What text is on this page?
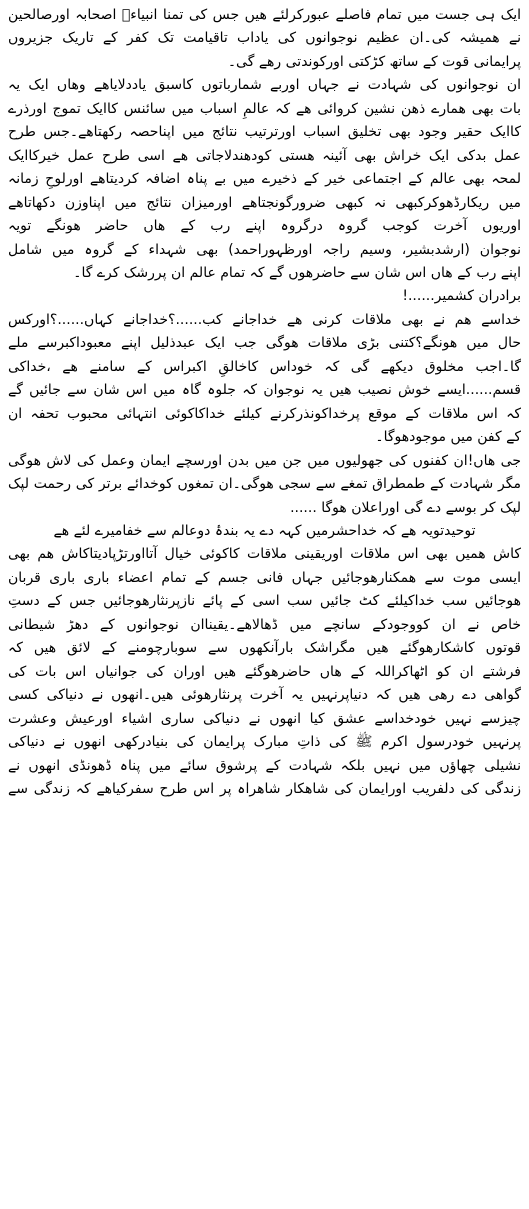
ایک ہی جست میں تمام فاصلے عبورکرلئے ھیں جس کی تمنا انبیاءؑ اصحابہ اورصالحین
نے ھمیشہ کی۔ان عظیم نوجوانوں کی یاداب تاقیامت تک کفر کے تاریک جزیروں
پرایمانی قوت کے ساتھ کڑکتی اورکوندتی رھے گی۔
ان نوجوانوں کی شہادت نے جہاں اوربے شمارباتوں کاسبق یاددلایاھے وھاں ایک یہ
بات بھی ھمارے ذھن نشین کروائی ھے کہ عالمِ اسباب میں سائنس کاایک تموج اورذرے
کاایک حقیر وجود بھی تخلیق اسباب اورترتیب نتائج میں اپناحصہ رکھتاھے۔جس طرح
عمل بدکی ایک خراش بھی آئینہ ھستی کودھندلاجاتی ھے اسی طرح عمل خیرکاایک
لمحہ بھی عالم کے اجتماعی خیر کے ذخیرے میں بے پناہ اضافہ کردیتاھے اورلوحِ زمانہ
میں ریکارڈھوکرکبھی نہ کبھی ضرورگونجتاھے اورمیزان نتائج میں اپناوزن دکھاتاھے
اوریوں آخرت کوجب گروہ درگروہ اپنے رب کے ھاں حاضر ھونگے تویہ
نوجوان (ارشدبشیر، وسیم راجہ اورظہوراحمد) بھی شہداء کے گروہ میں شامل
اپنے رب کے ھاں اس شان سے حاضرھوں گے کہ تمام عالم ان پررشک کرے گا۔
برادران کشمیر......!
خداسے ھم نے بھی ملاقات کرنی ھے خداجانے کب......؟خداجانے کہاں......؟اورکس
حال میں ھونگے؟کتنی بڑی ملاقات ھوگی جب ایک عبدذلیل اپنے معبوداکبرسے ملے
گا۔اجب مخلوق دیکھے گی کہ خوداس کاخالقِ اکبراس کے سامنے ھے ،خداکی
قسم......ایسے خوش نصیب ھیں یہ نوجوان کہ جلوہ گاہ میں اس شان سے جائیں گے
کہ اس ملاقات کے موقع پرخداکونذرکرنے کیلئے خداکاکوئی انتہائی محبوب تحفہ ان
کے کفن میں موجودھوگا۔
جی ھاں!ان کفنوں کی جھولیوں میں جن میں بدن اورسچے ایمان وعمل کی لاش ھوگی
مگر شہادت کے طمطراق تمغے سے سجی ھوگی۔ان تمغوں کوخدائے برتر کی رحمت لپک
لپک کر بوسے دے گی اوراعلان ھوگا ......
توحیدتویہ ھے کہ خداحشرمیں کہہ دے یہ بندۂ دوعالم سے خفامیرے لئے ھے
کاش ھمیں بھی اس ملاقات اوریقینی ملاقات کاکوئی خیال آتااورتڑپادیتاکاش ھم بھی
ایسی موت سے ھمکنارھوجائیں جہاں فانی جسم کے تمام اعضاء باری باری قربان
ھوجائیں سب خداکیلئے کٹ جائیں سب اسی کے پائے نازپرنثارھوجائیں جس کے دستِ
خاص نے ان کووجودکے سانچے میں ڈھالاھے۔یقیناان نوجوانوں کے دھڑ شیطانی
قوتوں کاشکارھوگئے ھیں مگراشک بارآنکھوں سے سوبارچومنے کے لائق ھیں کہ
فرشتے ان کو اٹھاکراللہ کے ھاں حاضرھوگئے ھیں اوران کی جوانیاں اس بات کی
گواھی دے رھی ھیں کہ دنیاپرنہیں یہ آخرت پرنثارھوئی ھیں۔انھوں نے دنیاکی کسی
چیزسے نہیں خودخداسے عشق کیا انھوں نے دنیاکی ساری اشیاء اورعیش وعشرت
پرنہیں خودرسول اکرم ﷺ کی ذاتِ مبارک پرایمان کی بنیادرکھی انھوں نے دنیاکی
نشیلی چھاؤں میں نہیں بلکہ شہادت کے پرشوق سائے میں پناہ ڈھونڈی انھوں نے
زندگی کی دلفریب اورایمان کی شاھکار شاھراہ پر اس طرح سفرکیاھے کہ زندگی سے
